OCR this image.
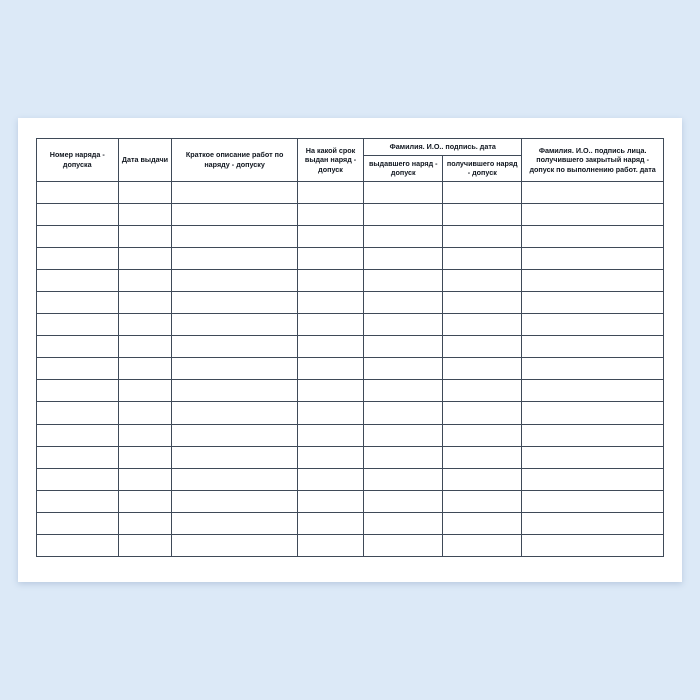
Номер наряда - допуска	Дата выдачи	Краткое описание работ по наряду - допуску	На какой срок выдан наряд - допуск	Фамилия. И.О.. подпись. дата		Фамилия. И.О.. подпись лица. получившего закрытый наряд - допуск по выполнению работ. дата
				выдавшего наряд - допуск	получившего наряд - допуск	
